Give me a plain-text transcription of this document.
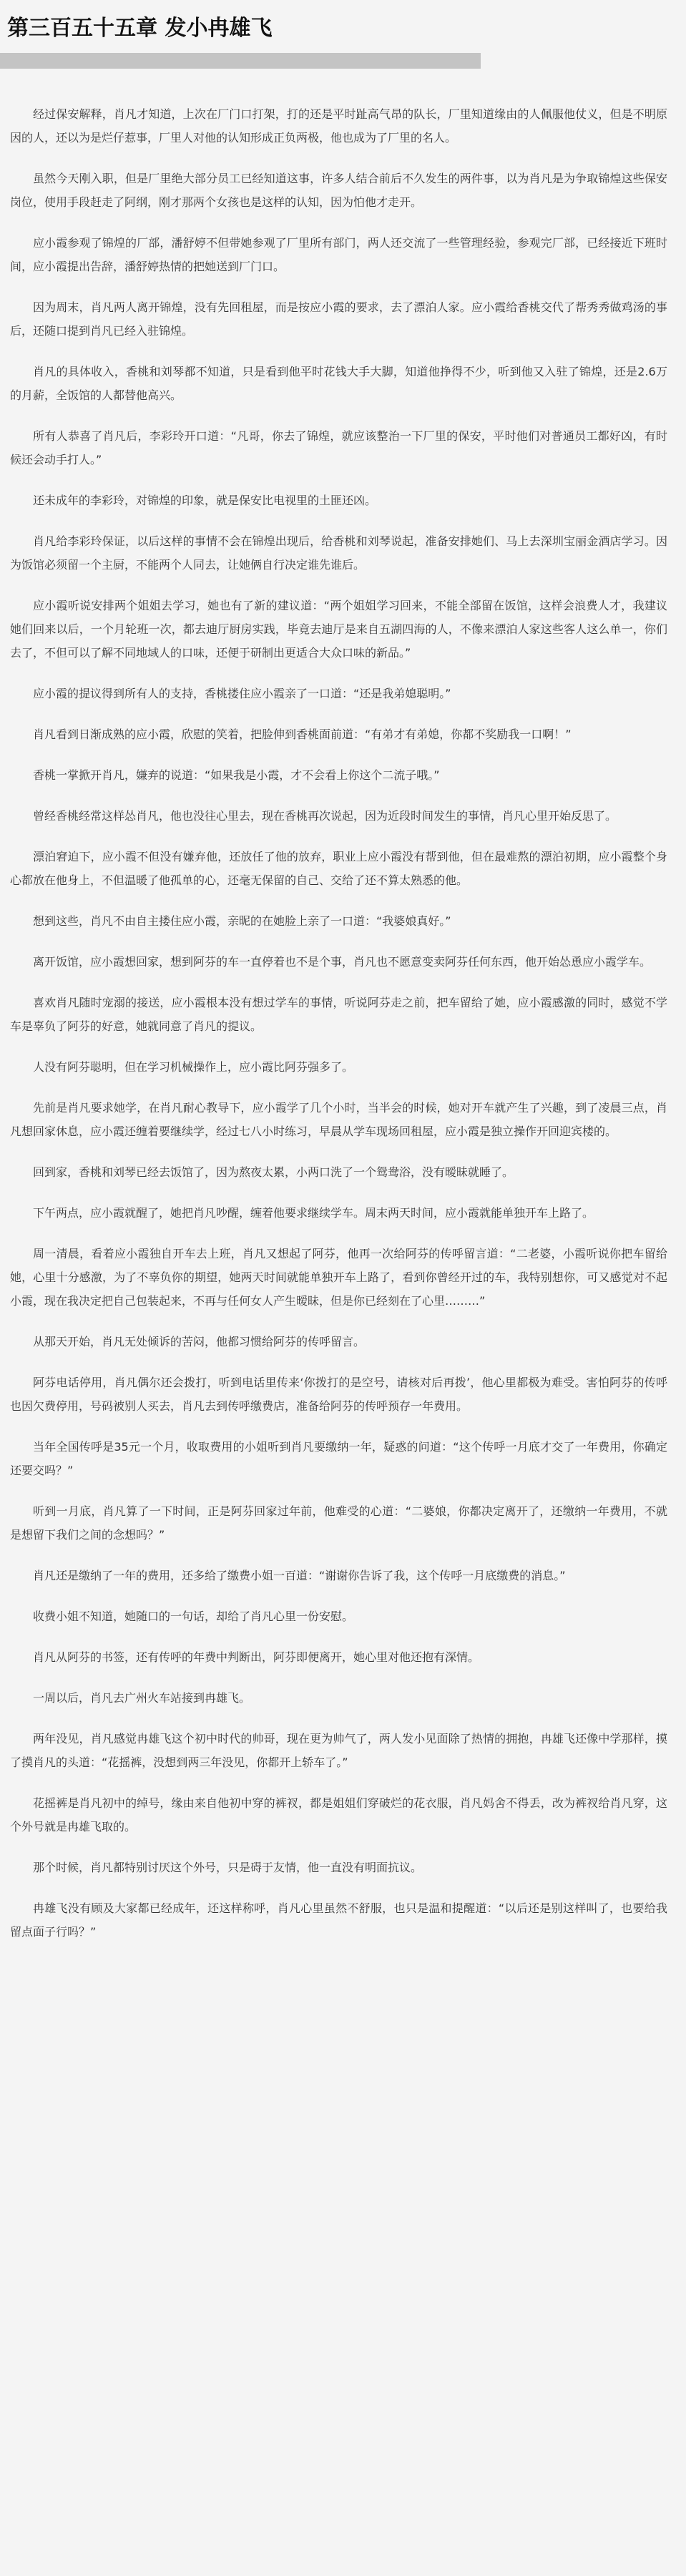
第三百五十五章 发小冉雄飞

经过保安解释，肖凡才知道，上次在厂门口打架，打的还是平时趾高气昂的队长，厂里知道缘由的人佩服他仗义，但是不明原因的人，还以为是烂仔惹事，厂里人对他的认知形成正负两极，他也成为了厂里的名人。

虽然今天刚入职，但是厂里绝大部分员工已经知道这事，许多人结合前后不久发生的两件事，以为肖凡是为争取锦煌这些保安岗位，使用手段赶走了阿纲，刚才那两个女孩也是这样的认知，因为怕他才走开。

应小霞参观了锦煌的厂部，潘舒婷不但带她参观了厂里所有部门，两人还交流了一些管理经验，参观完厂部，已经接近下班时间，应小霞提出告辞，潘舒婷热情的把她送到厂门口。

因为周末，肖凡两人离开锦煌，没有先回租屋，而是按应小霞的要求，去了漂泊人家。应小霞给香桃交代了帮秀秀做鸡汤的事后，还随口提到肖凡已经入驻锦煌。

肖凡的具体收入，香桃和刘琴都不知道，只是看到他平时花钱大手大脚，知道他挣得不少，听到他又入驻了锦煌，还是2.6万的月薪，全饭馆的人都替他高兴。

所有人恭喜了肖凡后，李彩玲开口道：“凡哥，你去了锦煌，就应该整治一下厂里的保安，平时他们对普通员工都好凶，有时候还会动手打人。”

还未成年的李彩玲，对锦煌的印象，就是保安比电视里的土匪还凶。

肖凡给李彩玲保证，以后这样的事情不会在锦煌出现后，给香桃和刘琴说起，准备安排她们、马上去深圳宝丽金酒店学习。因为饭馆必须留一个主厨，不能两个人同去，让她俩自行决定谁先谁后。

应小霞听说安排两个姐姐去学习，她也有了新的建议道：“两个姐姐学习回来，不能全部留在饭馆，这样会浪费人才，我建议她们回来以后，一个月轮班一次，都去迪厅厨房实践，毕竟去迪厅是来自五湖四海的人，不像来漂泊人家这些客人这么单一，你们去了，不但可以了解不同地域人的口味，还便于研制出更适合大众口味的新品。”

应小霞的提议得到所有人的支持，香桃搂住应小霞亲了一口道：“还是我弟媳聪明。”

肖凡看到日渐成熟的应小霞，欣慰的笑着，把脸伸到香桃面前道：“有弟才有弟媳，你都不奖励我一口啊！”

香桃一掌掀开肖凡，嫌弃的说道：“如果我是小霞，才不会看上你这个二流子哦。”

曾经香桃经常这样怂肖凡，他也没往心里去，现在香桃再次说起，因为近段时间发生的事情，肖凡心里开始反思了。

漂泊窘迫下，应小霞不但没有嫌弃他，还放任了他的放弃，职业上应小霞没有帮到他，但在最难熬的漂泊初期，应小霞整个身心都放在他身上，不但温暖了他孤单的心，还毫无保留的自己、交给了还不算太熟悉的他。

想到这些，肖凡不由自主搂住应小霞，亲昵的在她脸上亲了一口道：“我婆娘真好。”

离开饭馆，应小霞想回家，想到阿芬的车一直停着也不是个事，肖凡也不愿意变卖阿芬任何东西，他开始怂恿应小霞学车。

喜欢肖凡随时宠溺的接送，应小霞根本没有想过学车的事情，听说阿芬走之前，把车留给了她，应小霞感激的同时，感觉不学车是辜负了阿芬的好意，她就同意了肖凡的提议。

人没有阿芬聪明，但在学习机械操作上，应小霞比阿芬强多了。

先前是肖凡要求她学，在肖凡耐心教导下，应小霞学了几个小时，当半会的时候，她对开车就产生了兴趣，到了凌晨三点，肖凡想回家休息，应小霞还缠着要继续学，经过七八小时练习，早晨从学车现场回租屋，应小霞是独立操作开回迎宾楼的。

回到家，香桃和刘琴已经去饭馆了，因为熬夜太累，小两口洗了一个鸳鸯浴，没有暧昧就睡了。

下午两点，应小霞就醒了，她把肖凡吵醒，缠着他要求继续学车。周末两天时间，应小霞就能单独开车上路了。

周一清晨，看着应小霞独自开车去上班，肖凡又想起了阿芬，他再一次给阿芬的传呼留言道：“二老婆，小霞听说你把车留给她，心里十分感激，为了不辜负你的期望，她两天时间就能单独开车上路了，看到你曾经开过的车，我特别想你，可又感觉对不起小霞，现在我决定把自己包装起来，不再与任何女人产生暧昧，但是你已经刻在了心里………”

从那天开始，肖凡无处倾诉的苦闷，他都习惯给阿芬的传呼留言。

阿芬电话停用，肖凡偶尔还会拨打，听到电话里传来‘你拨打的是空号，请核对后再拨’，他心里都极为难受。害怕阿芬的传呼也因欠费停用，号码被别人买去，肖凡去到传呼缴费店，准备给阿芬的传呼预存一年费用。

当年全国传呼是35元一个月，收取费用的小姐听到肖凡要缴纳一年，疑惑的问道：“这个传呼一月底才交了一年费用，你确定还要交吗？”

听到一月底，肖凡算了一下时间，正是阿芬回家过年前，他难受的心道：“二婆娘，你都决定离开了，还缴纳一年费用，不就是想留下我们之间的念想吗？”

肖凡还是缴纳了一年的费用，还多给了缴费小姐一百道：“谢谢你告诉了我，这个传呼一月底缴费的消息。”

收费小姐不知道，她随口的一句话，却给了肖凡心里一份安慰。

肖凡从阿芬的书签，还有传呼的年费中判断出，阿芬即便离开，她心里对他还抱有深情。

一周以后，肖凡去广州火车站接到冉雄飞。

两年没见，肖凡感觉冉雄飞这个初中时代的帅哥，现在更为帅气了，两人发小见面除了热情的拥抱，冉雄飞还像中学那样，摸了摸肖凡的头道：“花摇裤，没想到两三年没见，你都开上轿车了。”

花摇裤是肖凡初中的绰号，缘由来自他初中穿的裤衩，都是姐姐们穿破烂的花衣服，肖凡妈舍不得丢，改为裤衩给肖凡穿，这个外号就是冉雄飞取的。

那个时候，肖凡都特别讨厌这个外号，只是碍于友情，他一直没有明面抗议。

冉雄飞没有顾及大家都已经成年，还这样称呼，肖凡心里虽然不舒服，也只是温和提醒道：“以后还是别这样叫了，也要给我留点面子行吗？”
